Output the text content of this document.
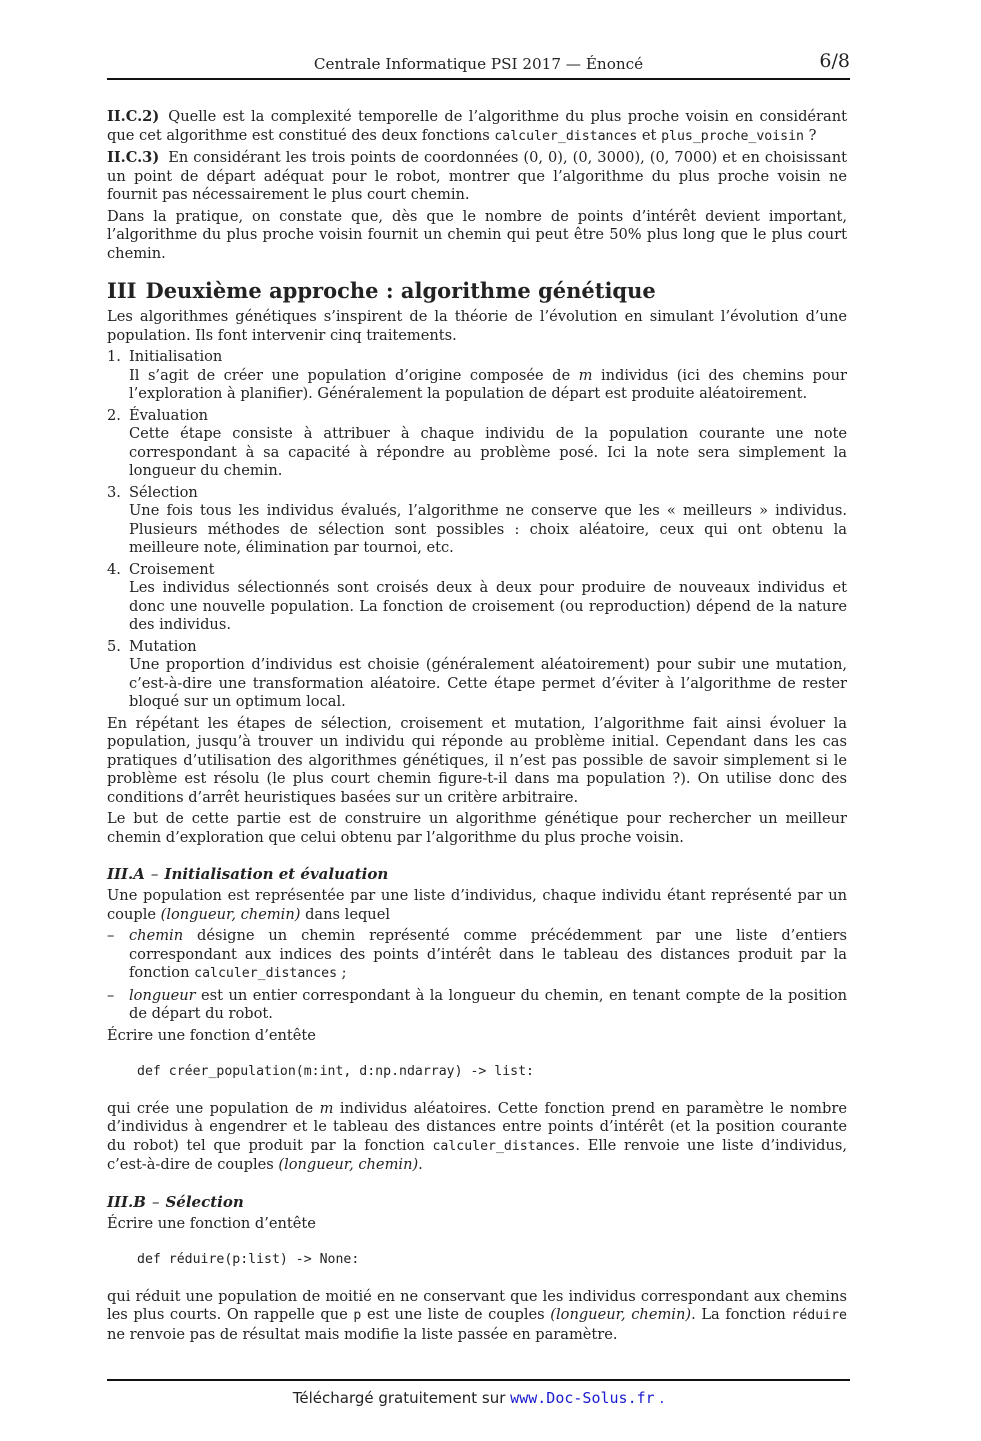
Centrale Informatique PSI 2017 — Énoncé	6/8

II.C.2) Quelle est la complexité temporelle de l’algorithme du plus proche voisin en considérant que cet algorithme est constitué des deux fonctions calculer_distances et plus_proche_voisin ?

II.C.3) En considérant les trois points de coordonnées (0, 0), (0, 3000), (0, 7000) et en choisissant un point de départ adéquat pour le robot, montrer que l’algorithme du plus proche voisin ne fournit pas nécessairement le plus court chemin.

Dans la pratique, on constate que, dès que le nombre de points d’intérêt devient important, l’algorithme du plus proche voisin fournit un chemin qui peut être 50% plus long que le plus court chemin.

III Deuxième approche : algorithme génétique

Les algorithmes génétiques s’inspirent de la théorie de l’évolution en simulant l’évolution d’une population. Ils font intervenir cinq traitements.

1. Initialisation
Il s’agit de créer une population d’origine composée de m individus (ici des chemins pour l’exploration à planifier). Généralement la population de départ est produite aléatoirement.
2. Évaluation
Cette étape consiste à attribuer à chaque individu de la population courante une note correspondant à sa capacité à répondre au problème posé. Ici la note sera simplement la longueur du chemin.
3. Sélection
Une fois tous les individus évalués, l’algorithme ne conserve que les « meilleurs » individus. Plusieurs méthodes de sélection sont possibles : choix aléatoire, ceux qui ont obtenu la meilleure note, élimination par tournoi, etc.
4. Croisement
Les individus sélectionnés sont croisés deux à deux pour produire de nouveaux individus et donc une nouvelle population. La fonction de croisement (ou reproduction) dépend de la nature des individus.
5. Mutation
Une proportion d’individus est choisie (généralement aléatoirement) pour subir une mutation, c’est-à-dire une transformation aléatoire. Cette étape permet d’éviter à l’algorithme de rester bloqué sur un optimum local.

En répétant les étapes de sélection, croisement et mutation, l’algorithme fait ainsi évoluer la population, jusqu’à trouver un individu qui réponde au problème initial. Cependant dans les cas pratiques d’utilisation des algorithmes génétiques, il n’est pas possible de savoir simplement si le problème est résolu (le plus court chemin figure-t-il dans ma population ?). On utilise donc des conditions d’arrêt heuristiques basées sur un critère arbitraire.

Le but de cette partie est de construire un algorithme génétique pour rechercher un meilleur chemin d’exploration que celui obtenu par l’algorithme du plus proche voisin.

III.A – Initialisation et évaluation

Une population est représentée par une liste d’individus, chaque individu étant représenté par un couple (longueur, chemin) dans lequel

– chemin désigne un chemin représenté comme précédemment par une liste d’entiers correspondant aux indices des points d’intérêt dans le tableau des distances produit par la fonction calculer_distances ;
– longueur est un entier correspondant à la longueur du chemin, en tenant compte de la position de départ du robot.

Écrire une fonction d’entête

def créer_population(m:int, d:np.ndarray) -> list:

qui crée une population de m individus aléatoires. Cette fonction prend en paramètre le nombre d’individus à engendrer et le tableau des distances entre points d’intérêt (et la position courante du robot) tel que produit par la fonction calculer_distances. Elle renvoie une liste d’individus, c’est-à-dire de couples (longueur, chemin).

III.B – Sélection

Écrire une fonction d’entête

def réduire(p:list) -> None:

qui réduit une population de moitié en ne conservant que les individus correspondant aux chemins les plus courts. On rappelle que p est une liste de couples (longueur, chemin). La fonction réduire ne renvoie pas de résultat mais modifie la liste passée en paramètre.

Téléchargé gratuitement sur www.Doc-Solus.fr .
